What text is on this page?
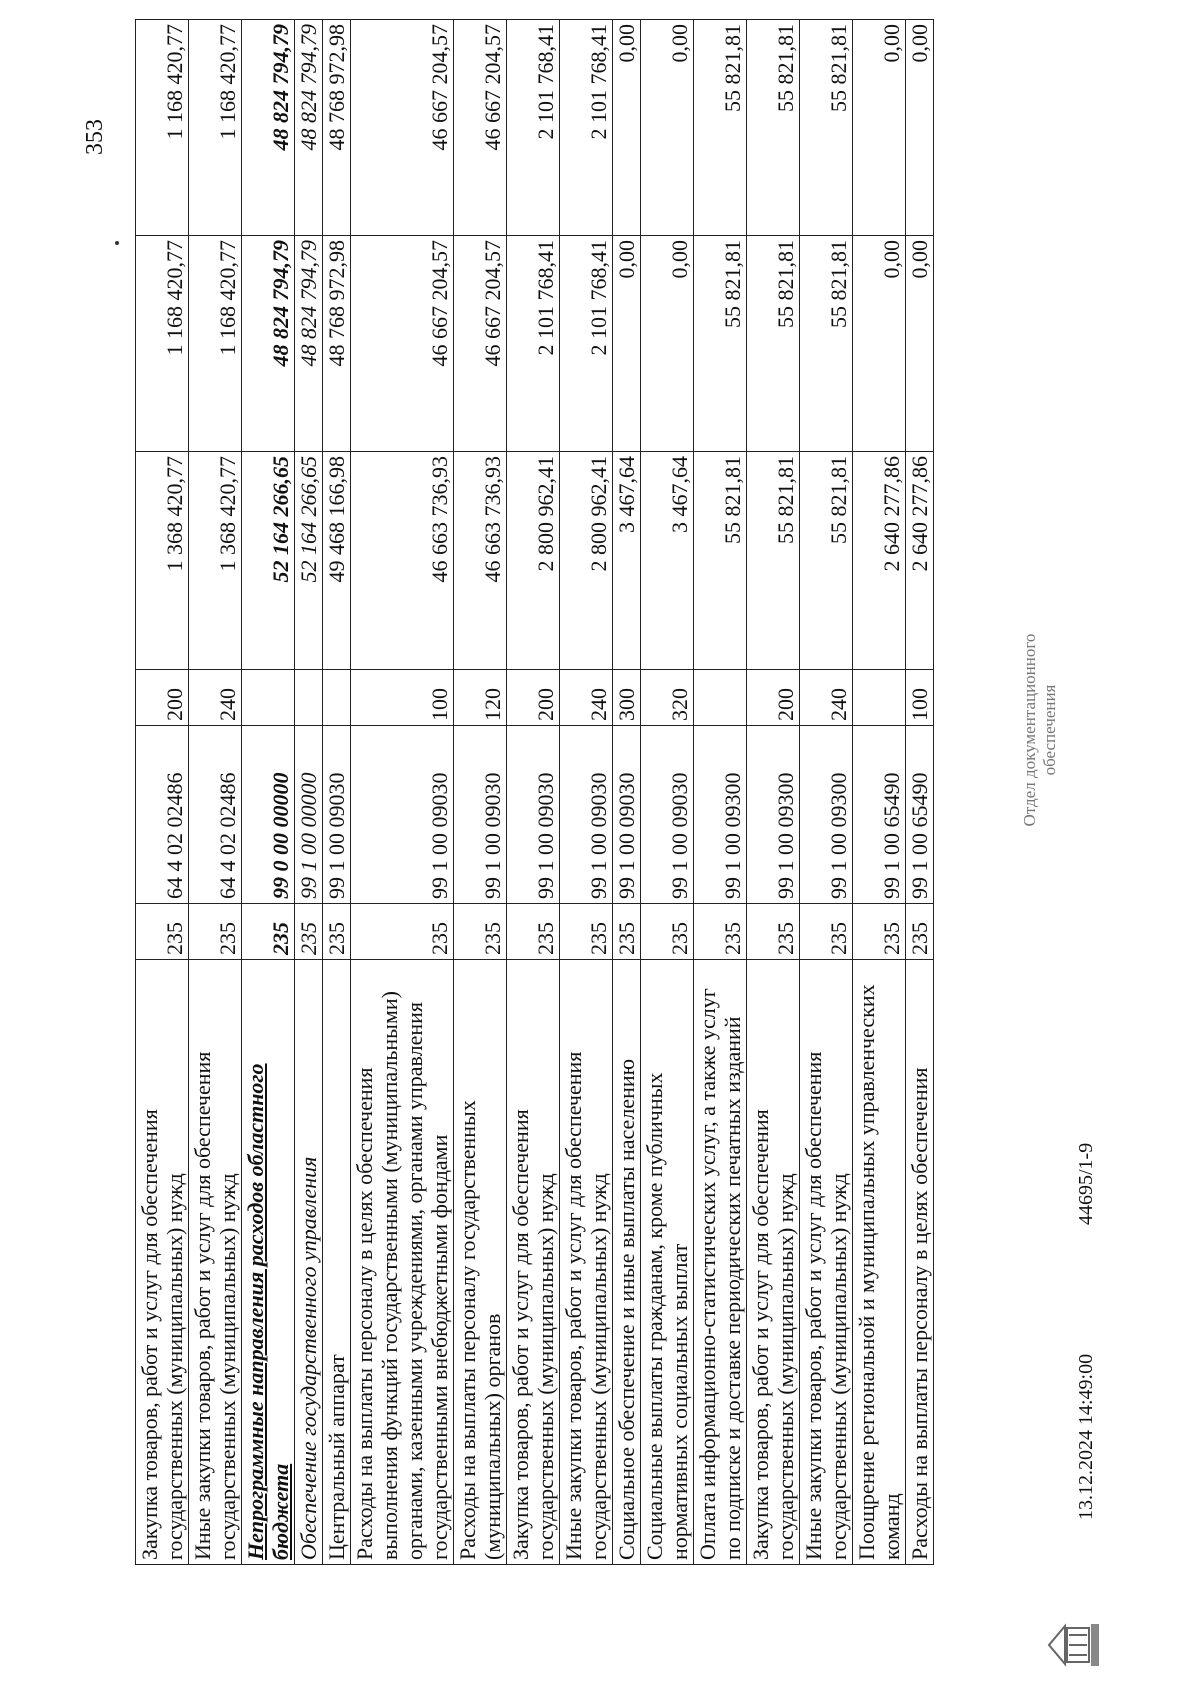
353
Закупка товаров, работ и услуг для обеспечения государственных (муниципальных) нужд	235	64 4 02 02486	200	1 368 420,77	1 168 420,77	1 168 420,77
Иные закупки товаров, работ и услуг для обеспечения государственных (муниципальных) нужд	235	64 4 02 02486	240	1 368 420,77	1 168 420,77	1 168 420,77
Непрограммные направления расходов областного бюджета	235	99 0 00 00000		52 164 266,65	48 824 794,79	48 824 794,79
Обеспечение государственного управления	235	99 1 00 00000		52 164 266,65	48 824 794,79	48 824 794,79
Центральный аппарат	235	99 1 00 09030		49 468 166,98	48 768 972,98	48 768 972,98
Расходы на выплаты персоналу в целях обеспечения выполнения функций государственными (муниципальными) органами, казенными учреждениями, органами управления государственными внебюджетными фондами	235	99 1 00 09030	100	46 663 736,93	46 667 204,57	46 667 204,57
Расходы на выплаты персоналу государственных (муниципальных) органов	235	99 1 00 09030	120	46 663 736,93	46 667 204,57	46 667 204,57
Закупка товаров, работ и услуг для обеспечения государственных (муниципальных) нужд	235	99 1 00 09030	200	2 800 962,41	2 101 768,41	2 101 768,41
Иные закупки товаров, работ и услуг для обеспечения государственных (муниципальных) нужд	235	99 1 00 09030	240	2 800 962,41	2 101 768,41	2 101 768,41
Социальное обеспечение и иные выплаты населению	235	99 1 00 09030	300	3 467,64	0,00	0,00
Социальные выплаты гражданам, кроме публичных нормативных социальных выплат	235	99 1 00 09030	320	3 467,64	0,00	0,00
Оплата информационно-статистических услуг, а также услуг по подписке и доставке периодических печатных изданий	235	99 1 00 09300		55 821,81	55 821,81	55 821,81
Закупка товаров, работ и услуг для обеспечения государственных (муниципальных) нужд	235	99 1 00 09300	200	55 821,81	55 821,81	55 821,81
Иные закупки товаров, работ и услуг для обеспечения государственных (муниципальных) нужд	235	99 1 00 09300	240	55 821,81	55 821,81	55 821,81
Поощрение региональной и муниципальных управленческих команд	235	99 1 00 65490		2 640 277,86	0,00	0,00
Расходы на выплаты персоналу в целях обеспечения	235	99 1 00 65490	100	2 640 277,86	0,00	0,00
13.12.2024 14:49:00
44695/1-9
Отдел документационного обеспечения
